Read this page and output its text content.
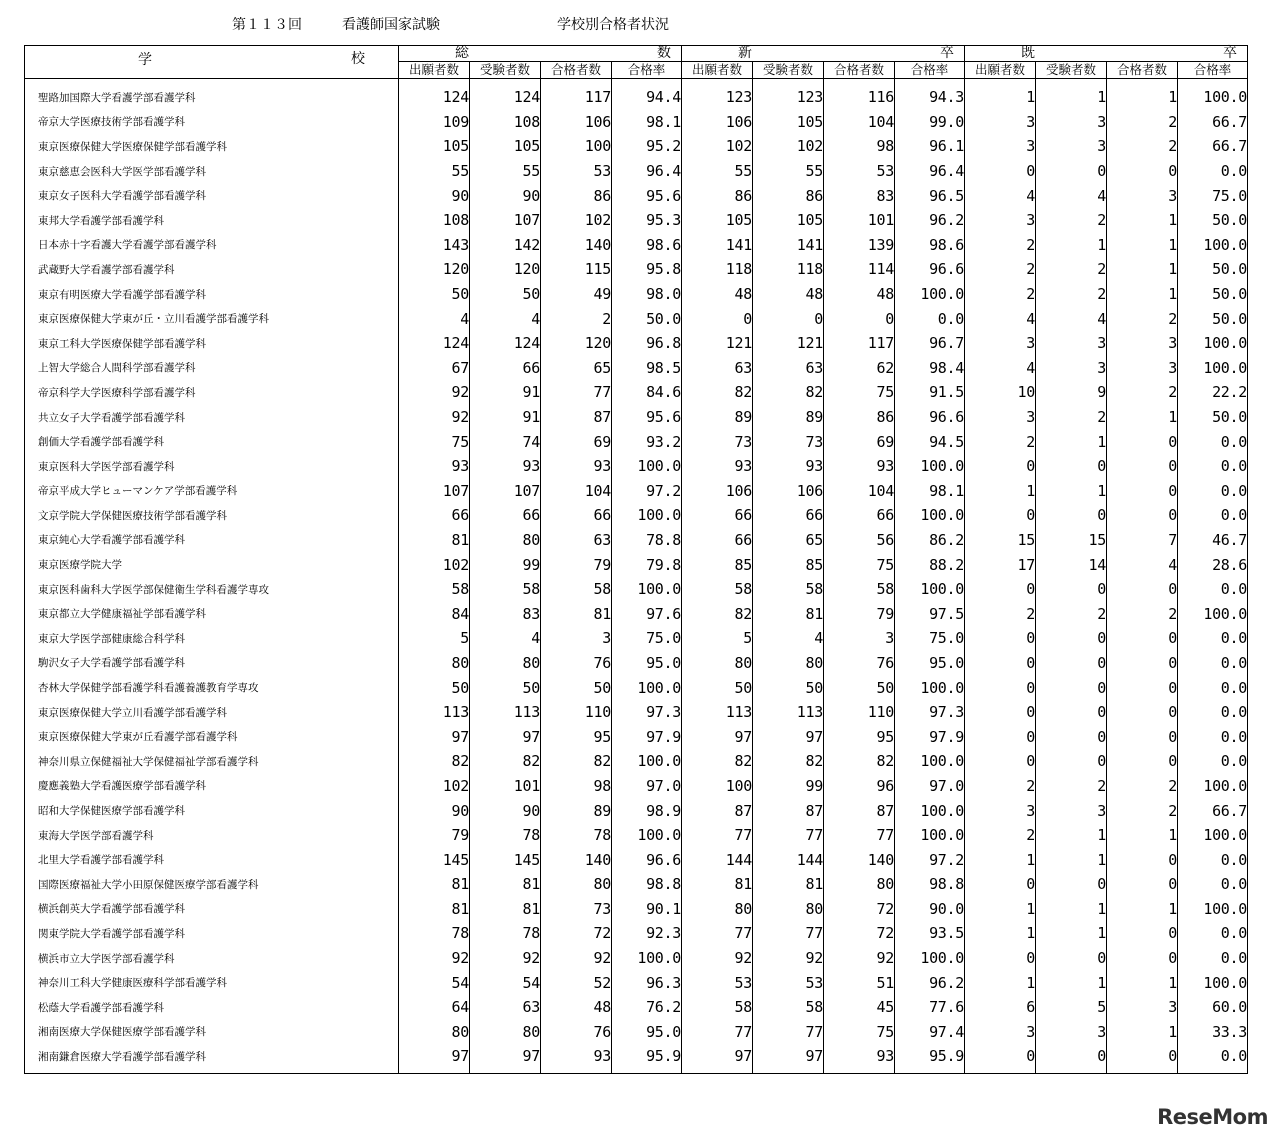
第１１３回	看護師国家試験	学校別合格者状況
学 校	総 数				新 卒				既 卒			

	出願者数	受験者数	合格者数	合格率	出願者数	受験者数	合格者数	合格率	出願者数	受験者数	合格者数	合格率
聖路加国際大学看護学部看護学科	124	124	117	94.4	123	123	116	94.3	1	1	1	100.0
帝京大学医療技術学部看護学科	109	108	106	98.1	106	105	104	99.0	3	3	2	66.7
東京医療保健大学医療保健学部看護学科	105	105	100	95.2	102	102	98	96.1	3	3	2	66.7
東京慈恵会医科大学医学部看護学科	55	55	53	96.4	55	55	53	96.4	0	0	0	0.0
東京女子医科大学看護学部看護学科	90	90	86	95.6	86	86	83	96.5	4	4	3	75.0
東邦大学看護学部看護学科	108	107	102	95.3	105	105	101	96.2	3	2	1	50.0
日本赤十字看護大学看護学部看護学科	143	142	140	98.6	141	141	139	98.6	2	1	1	100.0
武蔵野大学看護学部看護学科	120	120	115	95.8	118	118	114	96.6	2	2	1	50.0
東京有明医療大学看護学部看護学科	50	50	49	98.0	48	48	48	100.0	2	2	1	50.0
東京医療保健大学東が丘・立川看護学部看護学科	4	4	2	50.0	0	0	0	0.0	4	4	2	50.0
東京工科大学医療保健学部看護学科	124	124	120	96.8	121	121	117	96.7	3	3	3	100.0
上智大学総合人間科学部看護学科	67	66	65	98.5	63	63	62	98.4	4	3	3	100.0
帝京科学大学医療科学部看護学科	92	91	77	84.6	82	82	75	91.5	10	9	2	22.2
共立女子大学看護学部看護学科	92	91	87	95.6	89	89	86	96.6	3	2	1	50.0
創価大学看護学部看護学科	75	74	69	93.2	73	73	69	94.5	2	1	0	0.0
東京医科大学医学部看護学科	93	93	93	100.0	93	93	93	100.0	0	0	0	0.0
帝京平成大学ヒューマンケア学部看護学科	107	107	104	97.2	106	106	104	98.1	1	1	0	0.0
文京学院大学保健医療技術学部看護学科	66	66	66	100.0	66	66	66	100.0	0	0	0	0.0
東京純心大学看護学部看護学科	81	80	63	78.8	66	65	56	86.2	15	15	7	46.7
東京医療学院大学	102	99	79	79.8	85	85	75	88.2	17	14	4	28.6
東京医科歯科大学医学部保健衛生学科看護学専攻	58	58	58	100.0	58	58	58	100.0	0	0	0	0.0
東京都立大学健康福祉学部看護学科	84	83	81	97.6	82	81	79	97.5	2	2	2	100.0
東京大学医学部健康総合科学科	5	4	3	75.0	5	4	3	75.0	0	0	0	0.0
駒沢女子大学看護学部看護学科	80	80	76	95.0	80	80	76	95.0	0	0	0	0.0
杏林大学保健学部看護学科看護養護教育学専攻	50	50	50	100.0	50	50	50	100.0	0	0	0	0.0
東京医療保健大学立川看護学部看護学科	113	113	110	97.3	113	113	110	97.3	0	0	0	0.0
東京医療保健大学東が丘看護学部看護学科	97	97	95	97.9	97	97	95	97.9	0	0	0	0.0
神奈川県立保健福祉大学保健福祉学部看護学科	82	82	82	100.0	82	82	82	100.0	0	0	0	0.0
慶應義塾大学看護医療学部看護学科	102	101	98	97.0	100	99	96	97.0	2	2	2	100.0
昭和大学保健医療学部看護学科	90	90	89	98.9	87	87	87	100.0	3	3	2	66.7
東海大学医学部看護学科	79	78	78	100.0	77	77	77	100.0	2	1	1	100.0
北里大学看護学部看護学科	145	145	140	96.6	144	144	140	97.2	1	1	0	0.0
国際医療福祉大学小田原保健医療学部看護学科	81	81	80	98.8	81	81	80	98.8	0	0	0	0.0
横浜創英大学看護学部看護学科	81	81	73	90.1	80	80	72	90.0	1	1	1	100.0
関東学院大学看護学部看護学科	78	78	72	92.3	77	77	72	93.5	1	1	0	0.0
横浜市立大学医学部看護学科	92	92	92	100.0	92	92	92	100.0	0	0	0	0.0
神奈川工科大学健康医療科学部看護学科	54	54	52	96.3	53	53	51	96.2	1	1	1	100.0
松蔭大学看護学部看護学科	64	63	48	76.2	58	58	45	77.6	6	5	3	60.0
湘南医療大学保健医療学部看護学科	80	80	76	95.0	77	77	75	97.4	3	3	1	33.3
湘南鎌倉医療大学看護学部看護学科	97	97	93	95.9	97	97	93	95.9	0	0	0	0.0
ReseMom
